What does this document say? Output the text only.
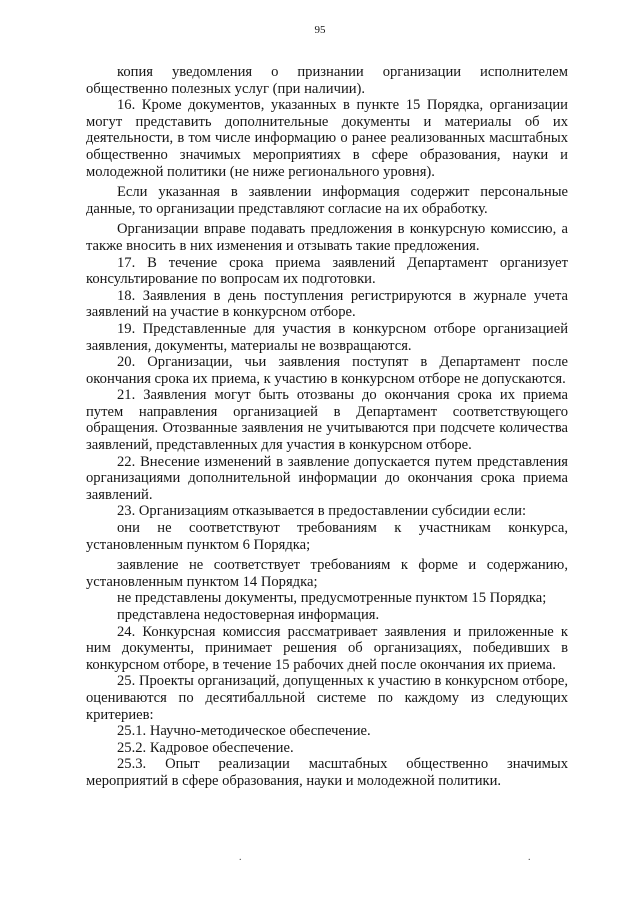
95

копия уведомления о признании организации исполнителем общественно полезных услуг (при наличии).

16. Кроме документов, указанных в пункте 15 Порядка, организации могут представить дополнительные документы и материалы об их деятельности, в том числе информацию о ранее реализованных масштабных общественно значимых мероприятиях в сфере образования, науки и молодежной политики (не ниже регионального уровня).

Если указанная в заявлении информация содержит персональные данные, то организации представляют согласие на их обработку.

Организации вправе подавать предложения в конкурсную комиссию, а также вносить в них изменения и отзывать такие предложения.

17. В течение срока приема заявлений Департамент организует консультирование по вопросам их подготовки.

18. Заявления в день поступления регистрируются в журнале учета заявлений на участие в конкурсном отборе.

19. Представленные для участия в конкурсном отборе организацией заявления, документы, материалы не возвращаются.

20. Организации, чьи заявления поступят в Департамент после окончания срока их приема, к участию в конкурсном отборе не допускаются.

21. Заявления могут быть отозваны до окончания срока их приема путем направления организацией в Департамент соответствующего обращения. Отозванные заявления не учитываются при подсчете количества заявлений, представленных для участия в конкурсном отборе.

22. Внесение изменений в заявление допускается путем представления организациями дополнительной информации до окончания срока приема заявлений.

23. Организациям отказывается в предоставлении субсидии если:

они не соответствуют требованиям к участникам конкурса, установленным пунктом 6 Порядка;

заявление не соответствует требованиям к форме и содержанию, установленным пунктом 14 Порядка;

не представлены документы, предусмотренные пунктом 15 Порядка;

представлена недостоверная информация.

24. Конкурсная комиссия рассматривает заявления и приложенные к ним документы, принимает решения об организациях, победивших в конкурсном отборе, в течение 15 рабочих дней после окончания их приема.

25. Проекты организаций, допущенных к участию в конкурсном отборе, оцениваются по десятибалльной системе по каждому из следующих критериев:

25.1. Научно-методическое обеспечение.

25.2. Кадровое обеспечение.

25.3. Опыт реализации масштабных общественно значимых мероприятий в сфере образования, науки и молодежной политики.

.	.
